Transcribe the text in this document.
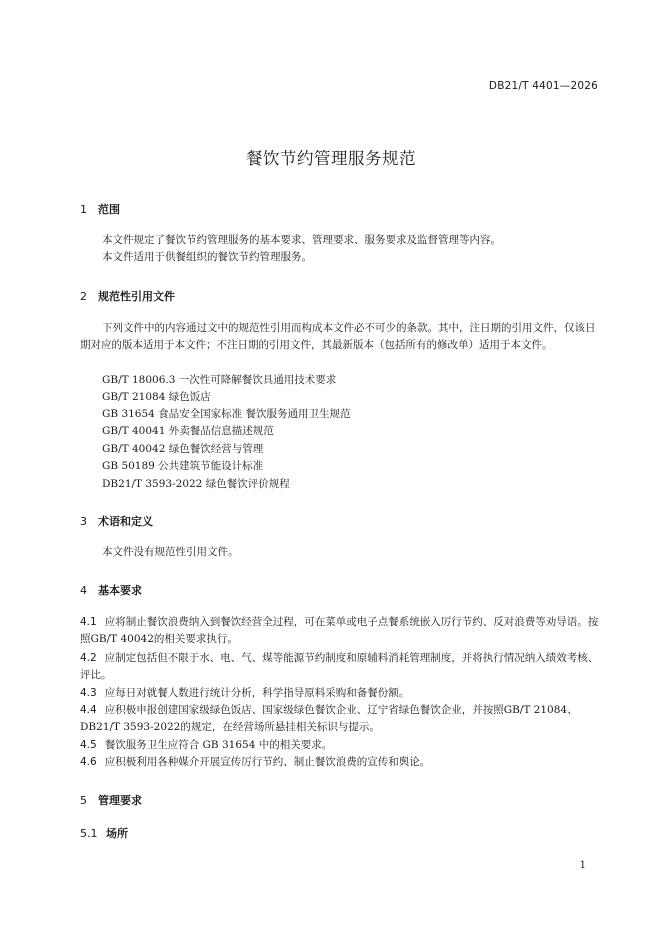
DB21/T 4401—2026
餐饮节约管理服务规范
1 范围
本文件规定了餐饮节约管理服务的基本要求、管理要求、服务要求及监督管理等内容。
本文件适用于供餐组织的餐饮节约管理服务。
2 规范性引用文件
下列文件中的内容通过文中的规范性引用而构成本文件必不可少的条款。其中，注日期的引用文件，仅该日期对应的版本适用于本文件；不注日期的引用文件，其最新版本（包括所有的修改单）适用于本文件。
GB/T 18006.3 一次性可降解餐饮具通用技术要求
GB/T 21084 绿色饭店
GB 31654 食品安全国家标准 餐饮服务通用卫生规范
GB/T 40041 外卖餐品信息描述规范
GB/T 40042 绿色餐饮经营与管理
GB 50189 公共建筑节能设计标准
DB21/T 3593-2022 绿色餐饮评价规程
3 术语和定义
本文件没有规范性引用文件。
4 基本要求
4.1 应将制止餐饮浪费纳入到餐饮经营全过程，可在菜单或电子点餐系统嵌入厉行节约、反对浪费等劝导语。按照GB/T 40042的相关要求执行。
4.2 应制定包括但不限于水、电、气、煤等能源节约制度和原辅料消耗管理制度，并将执行情况纳入绩效考核、评比。
4.3 应每日对就餐人数进行统计分析，科学指导原料采购和备餐份额。
4.4 应积极申报创建国家级绿色饭店、国家级绿色餐饮企业、辽宁省绿色餐饮企业，并按照GB/T 21084、DB21/T 3593-2022的规定，在经营场所悬挂相关标识与提示。
4.5 餐饮服务卫生应符合 GB 31654 中的相关要求。
4.6 应积极利用各种媒介开展宣传厉行节约、制止餐饮浪费的宣传和舆论。
5 管理要求
5.1 场所
1
